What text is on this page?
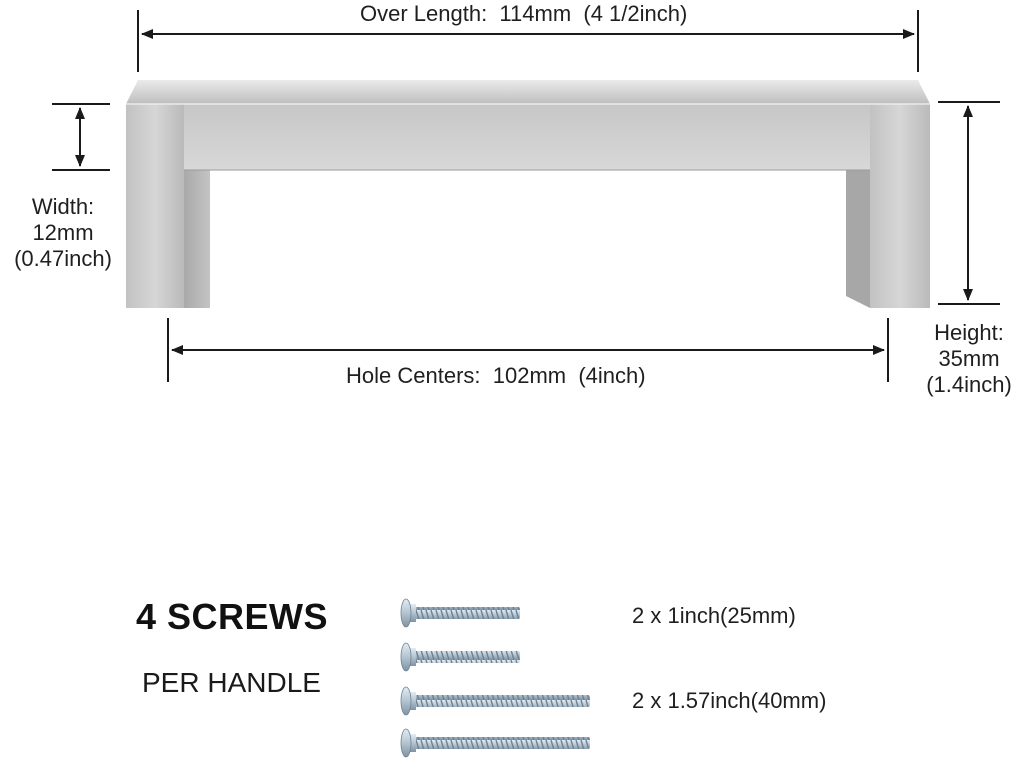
Over Length: 114mm  (4 1/2inch)
Hole Centers: 102mm  (4inch)
Width:
12mm
(0.47inch)
Height:
35mm
(1.4inch)
4 SCREWS
PER HANDLE
2 x 1inch(25mm)
2 x 1.57inch(40mm)
